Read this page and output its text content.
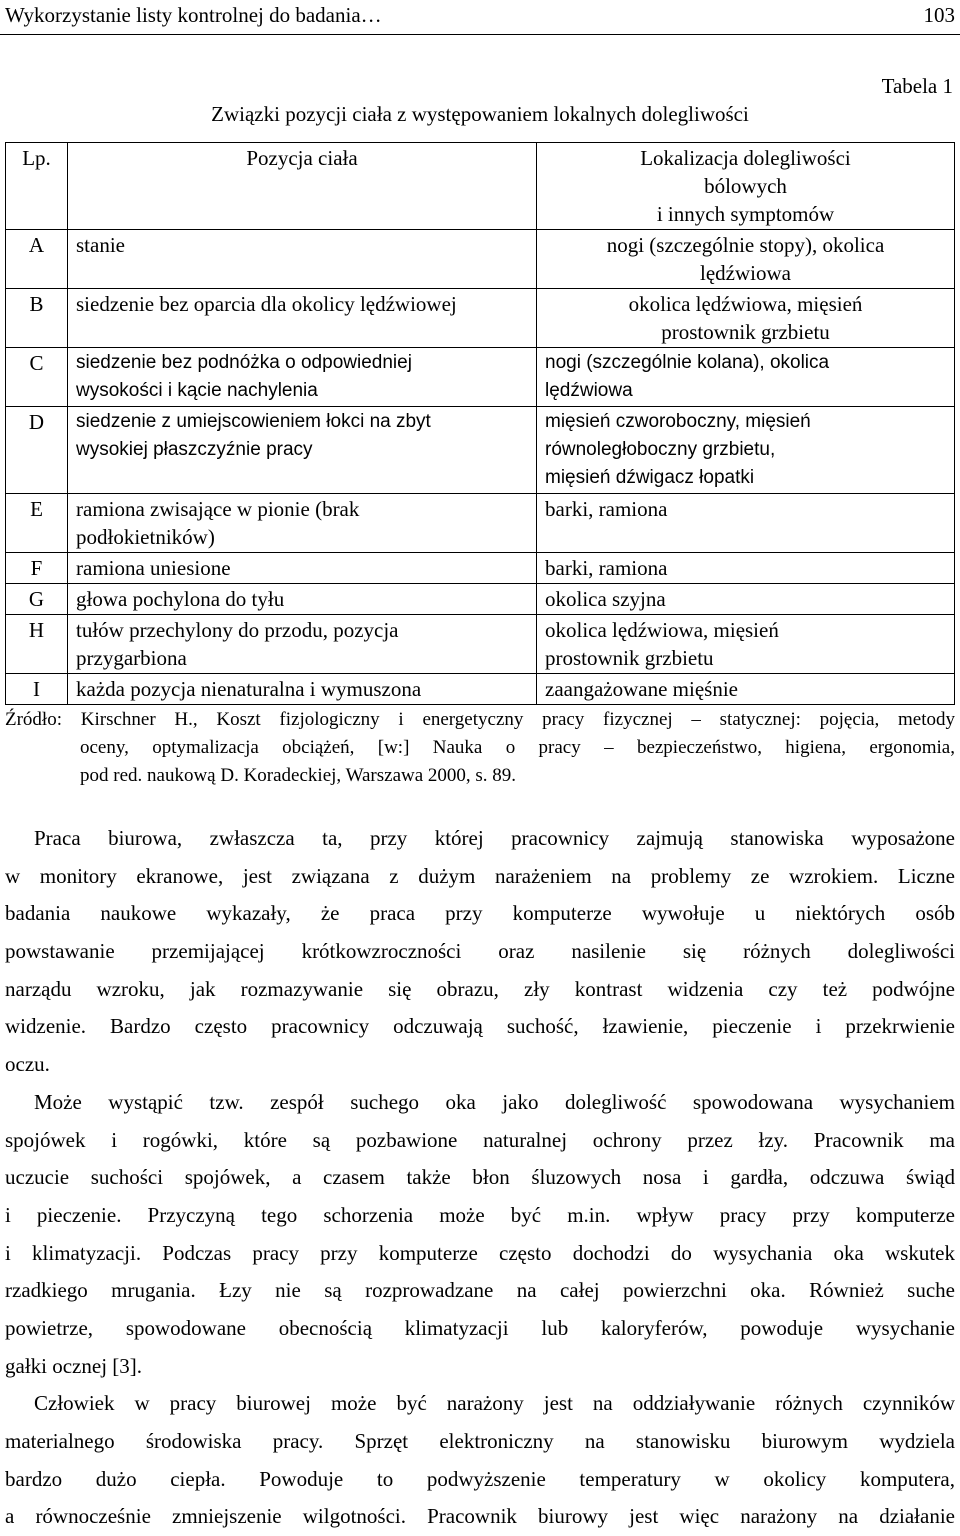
Wykorzystanie listy kontrolnej do badania…	103
Tabela 1
Związki pozycji ciała z występowaniem lokalnych dolegliwości
Lp.	Pozycja ciała	Lokalizacja dolegliwości
bólowych
i innych symptomów

A	stanie	nogi (szczególnie stopy), okolica
lędźwiowa

B	siedzenie bez oparcia dla okolicy lędźwiowej	okolica lędźwiowa, mięsień
prostownik grzbietu

C	siedzenie bez podnóżka o odpowiedniej
wysokości i kącie nachylenia	nogi (szczególnie kolana), okolica
lędźwiowa

D	siedzenie z umiejscowieniem łokci na zbyt
wysokiej płaszczyźnie pracy	mięsień czworoboczny, mięsień
równoległoboczny grzbietu,
mięsień dźwigacz łopatki

E	ramiona zwisające w pionie (brak
podłokietników)	barki, ramiona

F	ramiona uniesione	barki, ramiona

G	głowa pochylona do tyłu	okolica szyjna

H	tułów przechylony do przodu, pozycja
przygarbiona	okolica lędźwiowa, mięsień
prostownik grzbietu

I	każda pozycja nienaturalna i wymuszona	zaangażowane mięśnie
Źródło: Kirschner H., Koszt fizjologiczny i energetyczny pracy fizycznej – statycznej: pojęcia, metody
oceny, optymalizacja obciążeń, [w:] Nauka o pracy – bezpieczeństwo, higiena, ergonomia,
pod red. naukową D. Koradeckiej, Warszawa 2000, s. 89.
Praca biurowa, zwłaszcza ta, przy której pracownicy zajmują stanowiska wyposażone
w monitory ekranowe, jest związana z dużym narażeniem na problemy ze wzrokiem. Liczne
badania naukowe wykazały, że praca przy komputerze wywołuje u niektórych osób
powstawanie przemijającej krótkowzroczności oraz nasilenie się różnych dolegliwości
narządu wzroku, jak rozmazywanie się obrazu, zły kontrast widzenia czy też podwójne
widzenie. Bardzo często pracownicy odczuwają suchość, łzawienie, pieczenie i przekrwienie
oczu.
Może wystąpić tzw. zespół suchego oka jako dolegliwość spowodowana wysychaniem
spojówek i rogówki, które są pozbawione naturalnej ochrony przez łzy. Pracownik ma
uczucie suchości spojówek, a czasem także błon śluzowych nosa i gardła, odczuwa świąd
i pieczenie. Przyczyną tego schorzenia może być m.in. wpływ pracy przy komputerze
i klimatyzacji. Podczas pracy przy komputerze często dochodzi do wysychania oka wskutek
rzadkiego mrugania. Łzy nie są rozprowadzane na całej powierzchni oka. Również suche
powietrze, spowodowane obecnością klimatyzacji lub kaloryferów, powoduje wysychanie
gałki ocznej [3].
Człowiek w pracy biurowej może być narażony jest na oddziaływanie różnych czynników
materialnego środowiska pracy. Sprzęt elektroniczny na stanowisku biurowym wydziela
bardzo dużo ciepła. Powoduje to podwyższenie temperatury w okolicy komputera,
a równocześnie zmniejszenie wilgotności. Pracownik biurowy jest więc narażony na działanie
